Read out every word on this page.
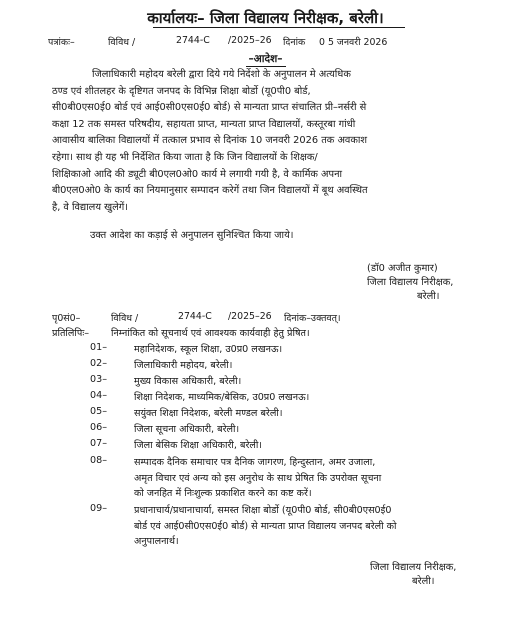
कार्यालयः– जिला विद्यालय निरीक्षक, बरेली।
पत्रांकः–	विविध /	2744-C /2025–26 दिनांक 0 5 जनवरी 2026
–आदेश–
जिलाधिकारी महोदय बरेली द्वारा दिये गये निर्देशो के अनुपालन मे अत्यधिक
ठण्ड एवं शीतलहर के दृष्टिगत जनपद के विभिन्न शिक्षा बोर्डो (यू0पी0 बोर्ड,
सी0बी0एस0ई0 बोर्ड एवं आई0सी0एस0ई0 बोर्ड) से मान्यता प्राप्त संचालित प्री–नर्सरी से
कक्षा 12 तक समस्त परिषदीय, सहायता प्राप्त, मान्यता प्राप्त विद्यालयों, कस्तूरबा गांधी
आवासीय बालिका विद्यालयों में तत्काल प्रभाव से दिनांक 10 जनवरी 2026 तक अवकाश
रहेगा। साथ ही यह भी निर्देशित किया जाता है कि जिन विद्यालयों के शिक्षक/
शिक्षिकाओ आदि की ड्यूटी बी0एल0ओ0 कार्य मे लगायी गयी है, वे कार्मिक अपना
बी0एल0ओ0 के कार्य का नियमानुसार सम्पादन करेगें तथा जिन विद्यालयों में बूथ अवस्थित
है, वे विद्यालय खुलेगें।
उक्त आदेश का कड़ाई से अनुपालन सुनिश्चित किया जाये।
(डॉ0 अजीत कुमार)
जिला विद्यालय निरीक्षक,
बरेली।
पृ0सं0–	विविध /	2744-C /2025–26 दिनांक–उक्तवत्।
प्रतिलिपिः– निम्नांकित को सूचनार्थ एवं आवश्यक कार्यवाही हेतु प्रेषित।
01–	महानिदेशक, स्कूल शिक्षा, उ0प्र0 लखनऊ।
02–	जिलाधिकारी महोदय, बरेली।
03–	मुख्य विकास अधिकारी, बरेली।
04–	शिक्षा निदेशक, माध्यमिक/बेसिक, उ0प्र0 लखनऊ।
05–	सयुंक्त शिक्षा निदेशक, बरेली मण्डल बरेली।
06–	जिला सूचना अधिकारी, बरेली।
07–	जिला बेसिक शिक्षा अधिकारी, बरेली।
08–	सम्पादक दैनिक समाचार पत्र दैनिक जागरण, हिन्दुस्तान, अमर उजाला,
अमृत विचार एवं अन्य को इस अनुरोध के साथ प्रेषित कि उपरोक्त सूचना
को जनहित में निःशुल्क प्रकाशित करने का कष्ट करें।
09–	प्रधानाचार्य/प्रधानाचार्या, समस्त शिक्षा बोर्डो (यू0पी0 बोर्ड, सी0बी0एस0ई0
बोर्ड एवं आई0सी0एस0ई0 बोर्ड) से मान्यता प्राप्त विद्यालय जनपद बरेली को
अनुपालनार्थ।
जिला विद्यालय निरीक्षक,
बरेली।
